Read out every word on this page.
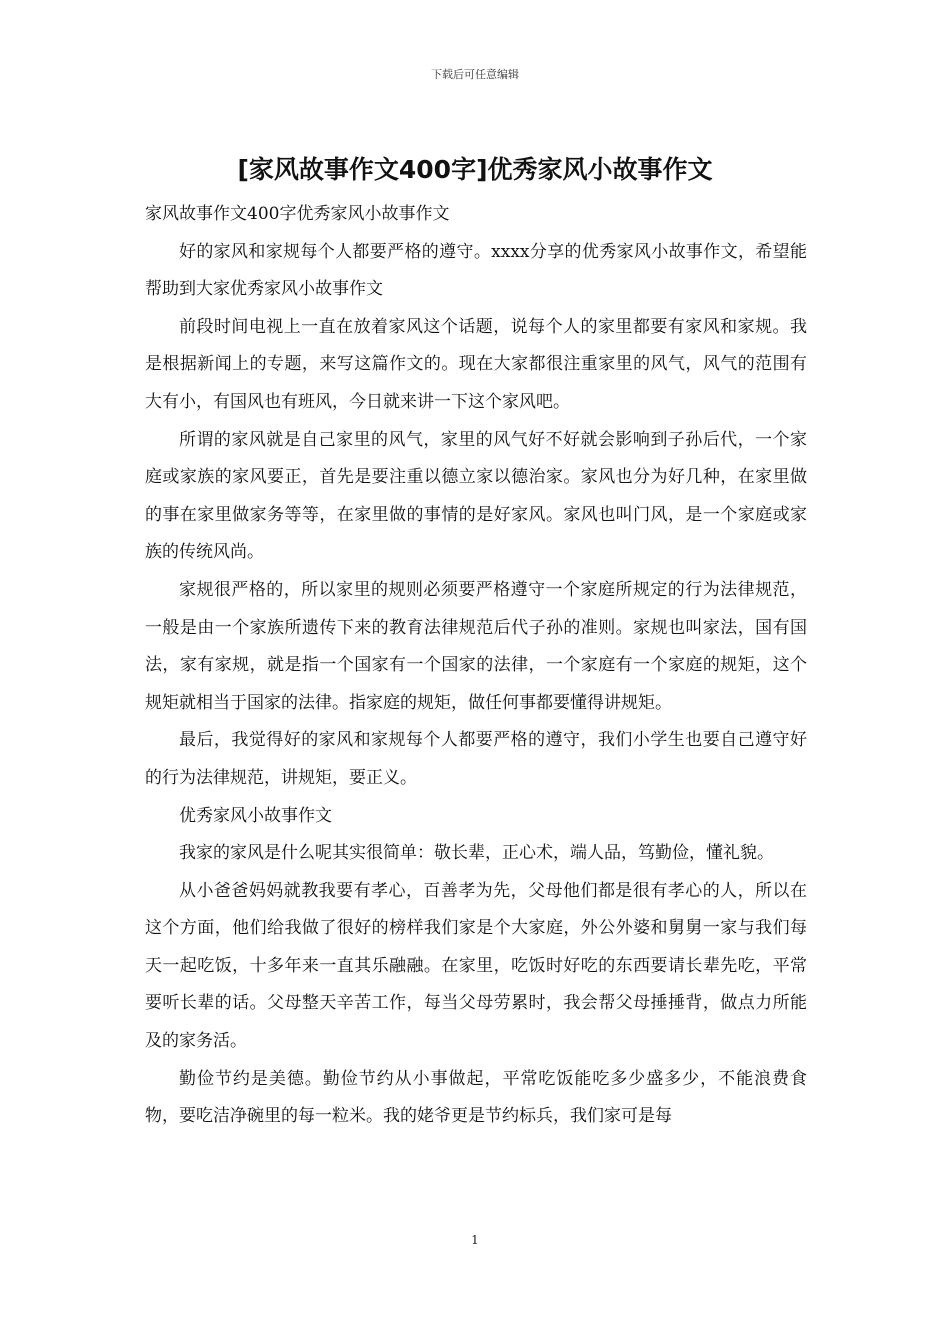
下载后可任意编辑
[家风故事作文400字]优秀家风小故事作文

家风故事作文400字优秀家风小故事作文

好的家风和家规每个人都要严格的遵守。xxxx分享的优秀家风小故事作文，希望能帮助到大家优秀家风小故事作文

前段时间电视上一直在放着家风这个话题，说每个人的家里都要有家风和家规。我是根据新闻上的专题，来写这篇作文的。现在大家都很注重家里的风气，风气的范围有大有小，有国风也有班风，今日就来讲一下这个家风吧。

所谓的家风就是自己家里的风气，家里的风气好不好就会影响到子孙后代，一个家庭或家族的家风要正，首先是要注重以德立家以德治家。家风也分为好几种，在家里做的事在家里做家务等等，在家里做的事情的是好家风。家风也叫门风，是一个家庭或家族的传统风尚。

家规很严格的，所以家里的规则必须要严格遵守一个家庭所规定的行为法律规范，一般是由一个家族所遗传下来的教育法律规范后代子孙的准则。家规也叫家法，国有国法，家有家规，就是指一个国家有一个国家的法律，一个家庭有一个家庭的规矩，这个规矩就相当于国家的法律。指家庭的规矩，做任何事都要懂得讲规矩。

最后，我觉得好的家风和家规每个人都要严格的遵守，我们小学生也要自己遵守好的行为法律规范，讲规矩，要正义。

优秀家风小故事作文

我家的家风是什么呢其实很简单：敬长辈，正心术，端人品，笃勤俭，懂礼貌。

从小爸爸妈妈就教我要有孝心，百善孝为先，父母他们都是很有孝心的人，所以在这个方面，他们给我做了很好的榜样我们家是个大家庭，外公外婆和舅舅一家与我们每天一起吃饭，十多年来一直其乐融融。在家里，吃饭时好吃的东西要请长辈先吃，平常要听长辈的话。父母整天辛苦工作，每当父母劳累时，我会帮父母捶捶背，做点力所能及的家务活。

勤俭节约是美德。勤俭节约从小事做起，平常吃饭能吃多少盛多少，不能浪费食物，要吃洁净碗里的每一粒米。我的姥爷更是节约标兵，我们家可是每

1
